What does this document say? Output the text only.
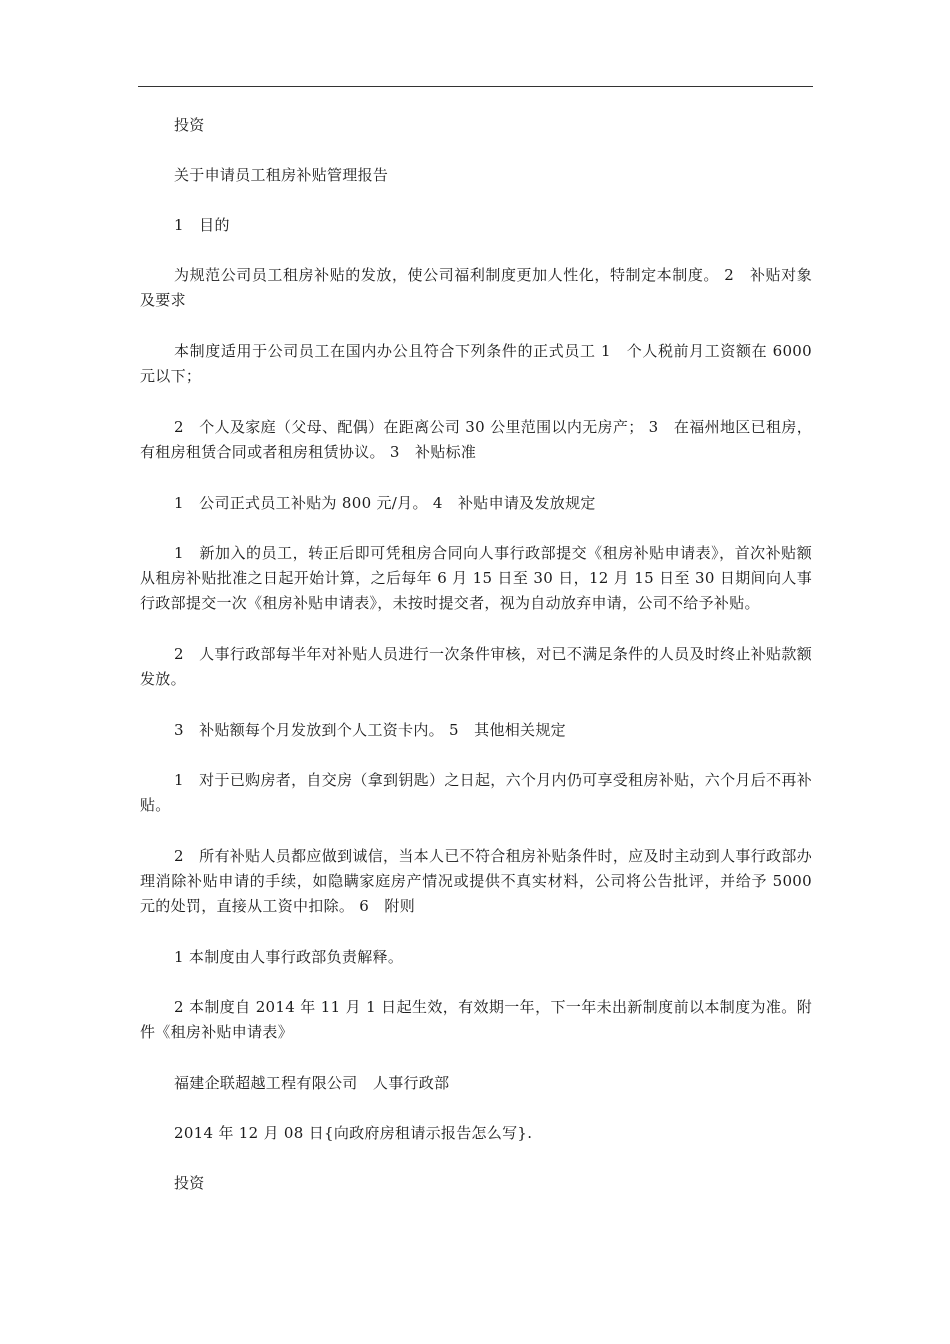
投资

关于申请员工租房补贴管理报告

1　目的

为规范公司员工租房补贴的发放，使公司福利制度更加人性化，特制定本制度。 2　补贴对象及要求

本制度适用于公司员工在国内办公且符合下列条件的正式员工 1　个人税前月工资额在 6000 元以下；

2　个人及家庭（父母、配偶）在距离公司 30 公里范围以内无房产； 3　在福州地区已租房，有租房租赁合同或者租房租赁协议。 3　补贴标准

1　公司正式员工补贴为 800 元/月。 4　补贴申请及发放规定

1　新加入的员工，转正后即可凭租房合同向人事行政部提交《租房补贴申请表》，首次补贴额从租房补贴批准之日起开始计算，之后每年 6 月 15 日至 30 日，12 月 15 日至 30 日期间向人事行政部提交一次《租房补贴申请表》，未按时提交者，视为自动放弃申请，公司不给予补贴。

2　人事行政部每半年对补贴人员进行一次条件审核，对已不满足条件的人员及时终止补贴款额发放。

3　补贴额每个月发放到个人工资卡内。 5　其他相关规定

1　对于已购房者，自交房（拿到钥匙）之日起，六个月内仍可享受租房补贴，六个月后不再补贴。

2　所有补贴人员都应做到诚信，当本人已不符合租房补贴条件时，应及时主动到人事行政部办理消除补贴申请的手续，如隐瞒家庭房产情况或提供不真实材料，公司将公告批评，并给予 5000 元的处罚，直接从工资中扣除。 6　附则

1 本制度由人事行政部负责解释。

2 本制度自 2014 年 11 月 1 日起生效，有效期一年，下一年未出新制度前以本制度为准。附件《租房补贴申请表》

福建企联超越工程有限公司　人事行政部

2014 年 12 月 08 日{向政府房租请示报告怎么写}.

投资
